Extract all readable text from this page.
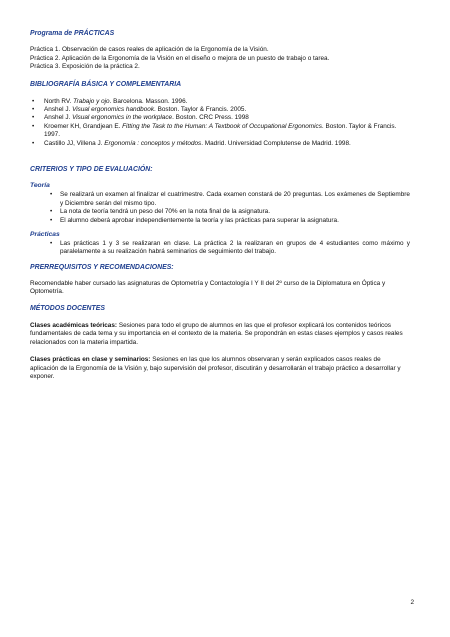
Programa de PRÁCTICAS

Práctica 1. Observación de casos reales de aplicación de la Ergonomía de la Visión.
Práctica 2. Aplicación de la Ergonomía de la Visión en el diseño o mejora de un puesto de trabajo o tarea.
Práctica 3. Exposición de la práctica 2.

BIBLIOGRAFÍA BÁSICA Y COMPLEMENTARIA

• North RV. Trabajo y ojo. Barcelona. Masson. 1996.
• Anshel J. Visual ergonomics handbook. Boston. Taylor & Francis. 2005.
• Anshel J. Visual ergonomics in the workplace. Boston. CRC Press. 1998
• Kroemer KH, Grandjean E. Fitting the Task to the Human: A Textbook of Occupational Ergonomics. Boston. Taylor & Francis. 1997.
• Castillo JJ, Villena J. Ergonomía : conceptos y métodos. Madrid. Universidad Complutense de Madrid. 1998.

CRITERIOS Y TIPO DE EVALUACIÓN:

Teoría

• Se realizará un examen al finalizar el cuatrimestre. Cada examen constará de 20 preguntas. Los exámenes de Septiembre y Diciembre serán del mismo tipo.
• La nota de teoría tendrá un peso del 70% en la nota final de la asignatura.
• El alumno deberá aprobar independientemente la teoría y las prácticas para superar la asignatura.

Prácticas

• Las prácticas 1 y 3 se realizaran en clase. La práctica 2 la realizaran en grupos de 4 estudiantes como máximo y paralelamente a su realización habrá seminarios de seguimiento del trabajo.

PRERREQUISITOS Y RECOMENDACIONES:

Recomendable haber cursado las asignaturas de Optometría y Contactología I Y II del 2º curso de la Diplomatura en Óptica y Optometría.

MÉTODOS DOCENTES

Clases académicas teóricas: Sesiones para todo el grupo de alumnos en las que el profesor explicará los contenidos teóricos fundamentales de cada tema y su importancia en el contexto de la materia. Se propondrán en estas clases ejemplos y casos reales relacionados con la materia impartida.

Clases prácticas en clase y seminarios: Sesiones en las que los alumnos observaran y serán explicados casos reales de aplicación de la Ergonomía de la Visión y, bajo supervisión del profesor, discutirán y desarrollarán el trabajo práctico a desarrollar y exponer.

2
